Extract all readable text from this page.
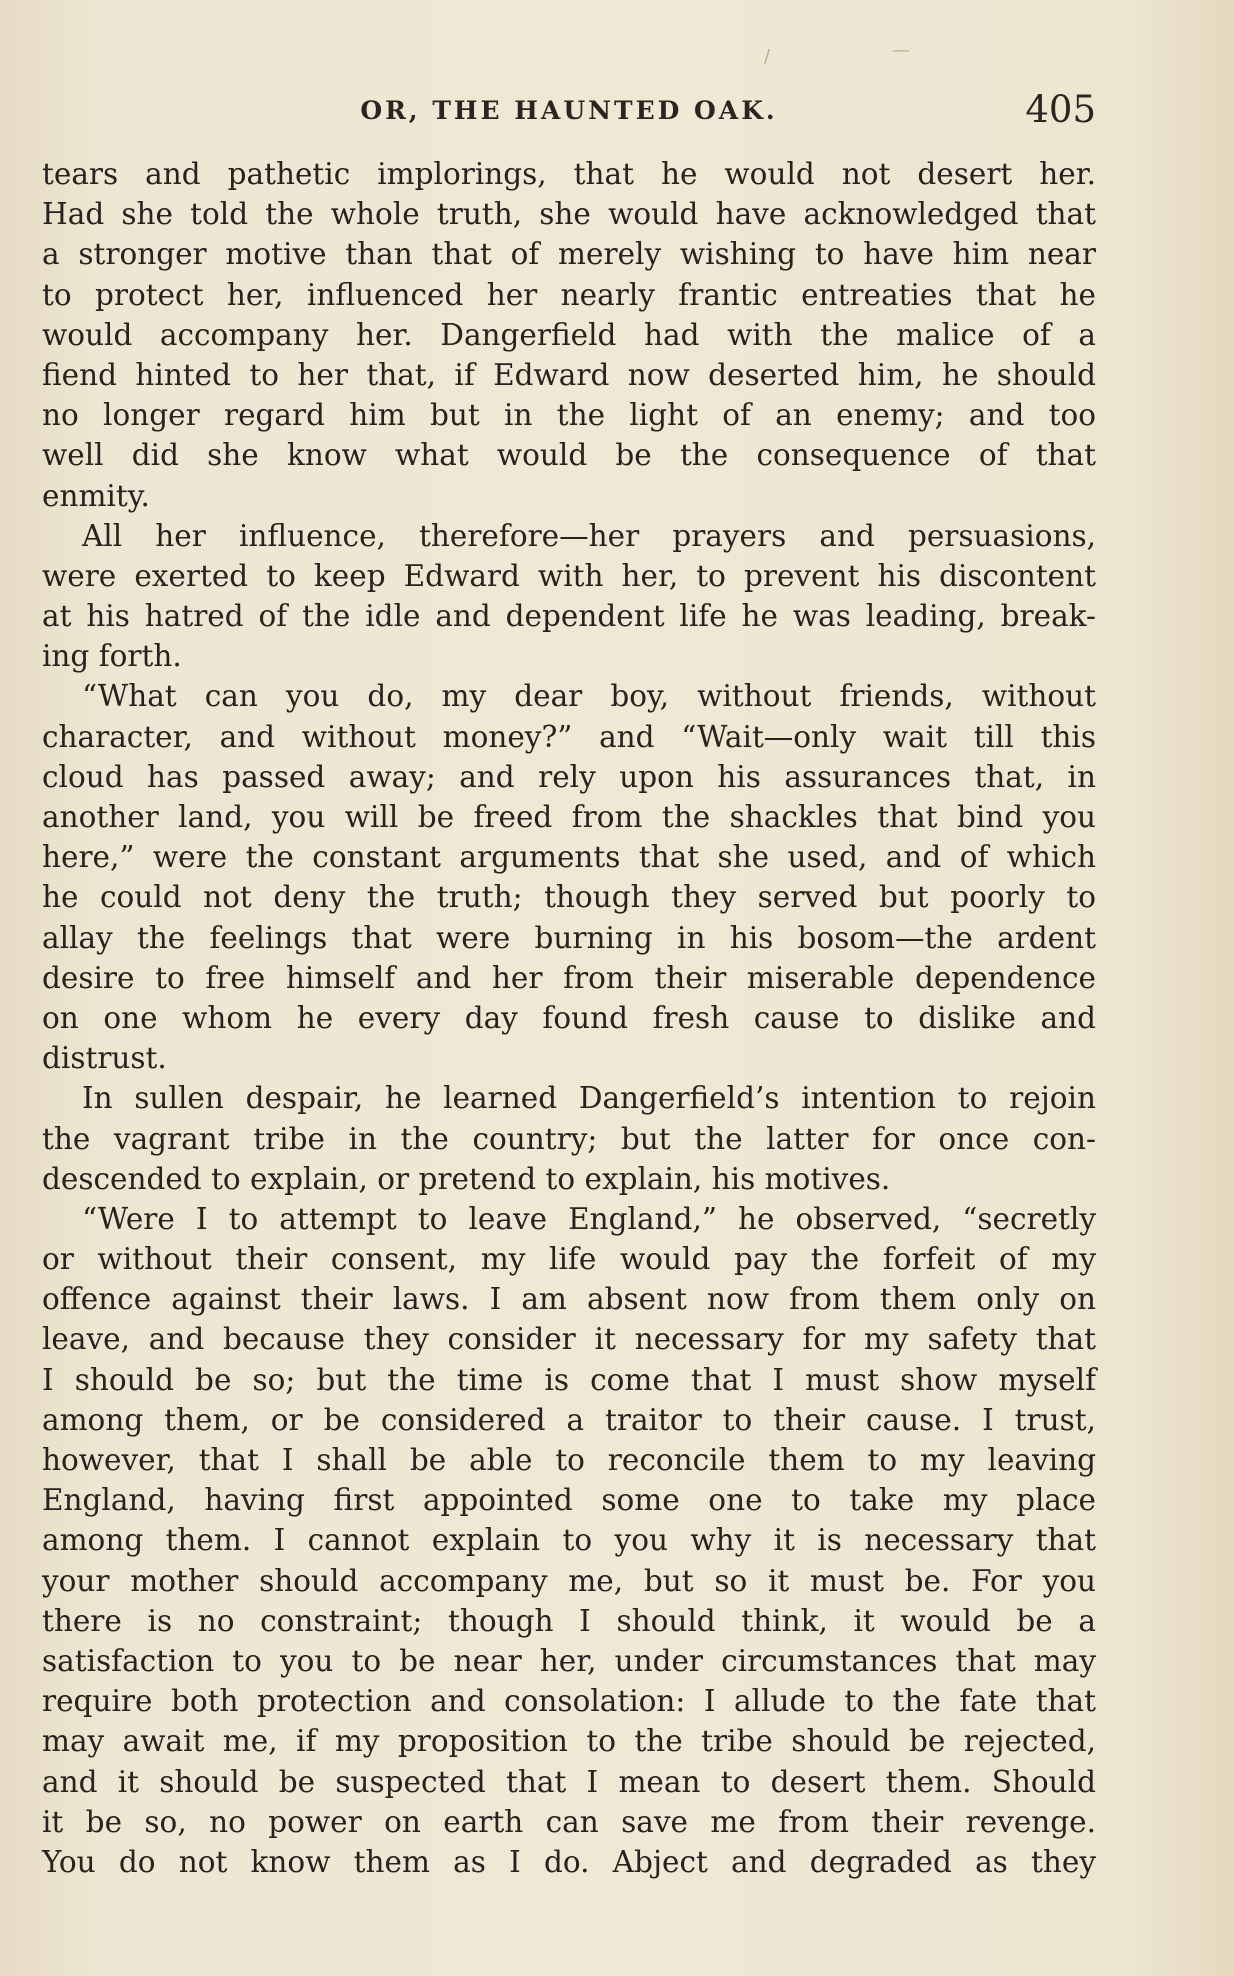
/	—
OR, THE HAUNTED OAK.	405
tears and pathetic implorings, that he would not desert her.
Had she told the whole truth, she would have acknowledged that
a stronger motive than that of merely wishing to have him near
to protect her, influenced her nearly frantic entreaties that he
would accompany her. Dangerfield had with the malice of a
fiend hinted to her that, if Edward now deserted him, he should
no longer regard him but in the light of an enemy; and too
well did she know what would be the consequence of that
enmity.
All her influence, therefore—her prayers and persuasions,
were exerted to keep Edward with her, to prevent his discontent
at his hatred of the idle and dependent life he was leading, break-
ing forth.
“What can you do, my dear boy, without friends, without
character, and without money?” and “Wait—only wait till this
cloud has passed away; and rely upon his assurances that, in
another land, you will be freed from the shackles that bind you
here,” were the constant arguments that she used, and of which
he could not deny the truth; though they served but poorly to
allay the feelings that were burning in his bosom—the ardent
desire to free himself and her from their miserable dependence
on one whom he every day found fresh cause to dislike and
distrust.
In sullen despair, he learned Dangerfield’s intention to rejoin
the vagrant tribe in the country; but the latter for once con-
descended to explain, or pretend to explain, his motives.
“Were I to attempt to leave England,” he observed, “secretly
or without their consent, my life would pay the forfeit of my
offence against their laws. I am absent now from them only on
leave, and because they consider it necessary for my safety that
I should be so; but the time is come that I must show myself
among them, or be considered a traitor to their cause. I trust,
however, that I shall be able to reconcile them to my leaving
England, having first appointed some one to take my place
among them. I cannot explain to you why it is necessary that
your mother should accompany me, but so it must be. For you
there is no constraint; though I should think, it would be a
satisfaction to you to be near her, under circumstances that may
require both protection and consolation: I allude to the fate that
may await me, if my proposition to the tribe should be rejected,
and it should be suspected that I mean to desert them. Should
it be so, no power on earth can save me from their revenge.
You do not know them as I do. Abject and degraded as they
